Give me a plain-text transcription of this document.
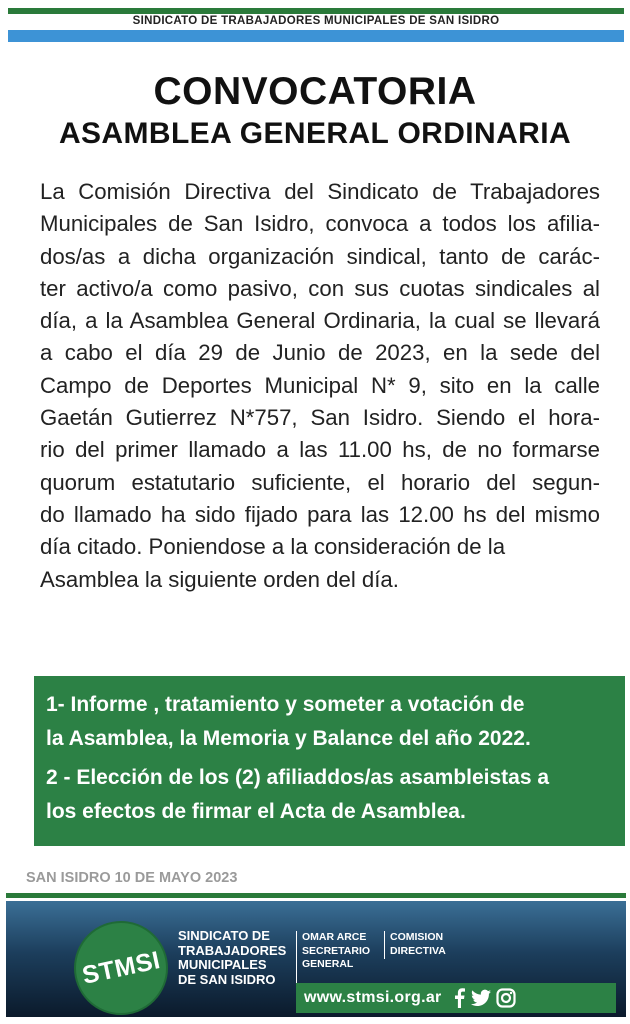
SINDICATO DE TRABAJADORES MUNICIPALES DE SAN ISIDRO
CONVOCATORIA
ASAMBLEA GENERAL ORDINARIA
La Comisión Directiva del Sindicato de Trabajadores
Municipales de San Isidro, convoca a todos los afilia-
dos/as a dicha organización sindical, tanto de carác-
ter activo/a como pasivo, con sus cuotas sindicales al
día, a la Asamblea General Ordinaria, la cual se llevará
a cabo el día 29 de Junio de 2023, en la sede del
Campo de Deportes Municipal N* 9, sito en la calle
Gaetán Gutierrez N*757, San Isidro. Siendo el hora-
rio del primer llamado a las 11.00 hs, de no formarse
quorum estatutario suficiente, el horario del segun-
do llamado ha sido fijado para las 12.00 hs del mismo
día citado. Poniendose a la consideración de la
Asamblea la siguiente orden del día.
1- Informe , tratamiento y someter a votación de
la Asamblea, la Memoria y Balance del año 2022.
2 - Elección de los (2) afiliaddos/as asambleistas a
los efectos de firmar el Acta de Asamblea.
SAN ISIDRO 10 DE MAYO 2023
STMSI
SINDICATO DE
TRABAJADORES
MUNICIPALES
DE SAN ISIDRO
OMAR ARCE
SECRETARIO
GENERAL
COMISION
DIRECTIVA
www.stmsi.org.ar
